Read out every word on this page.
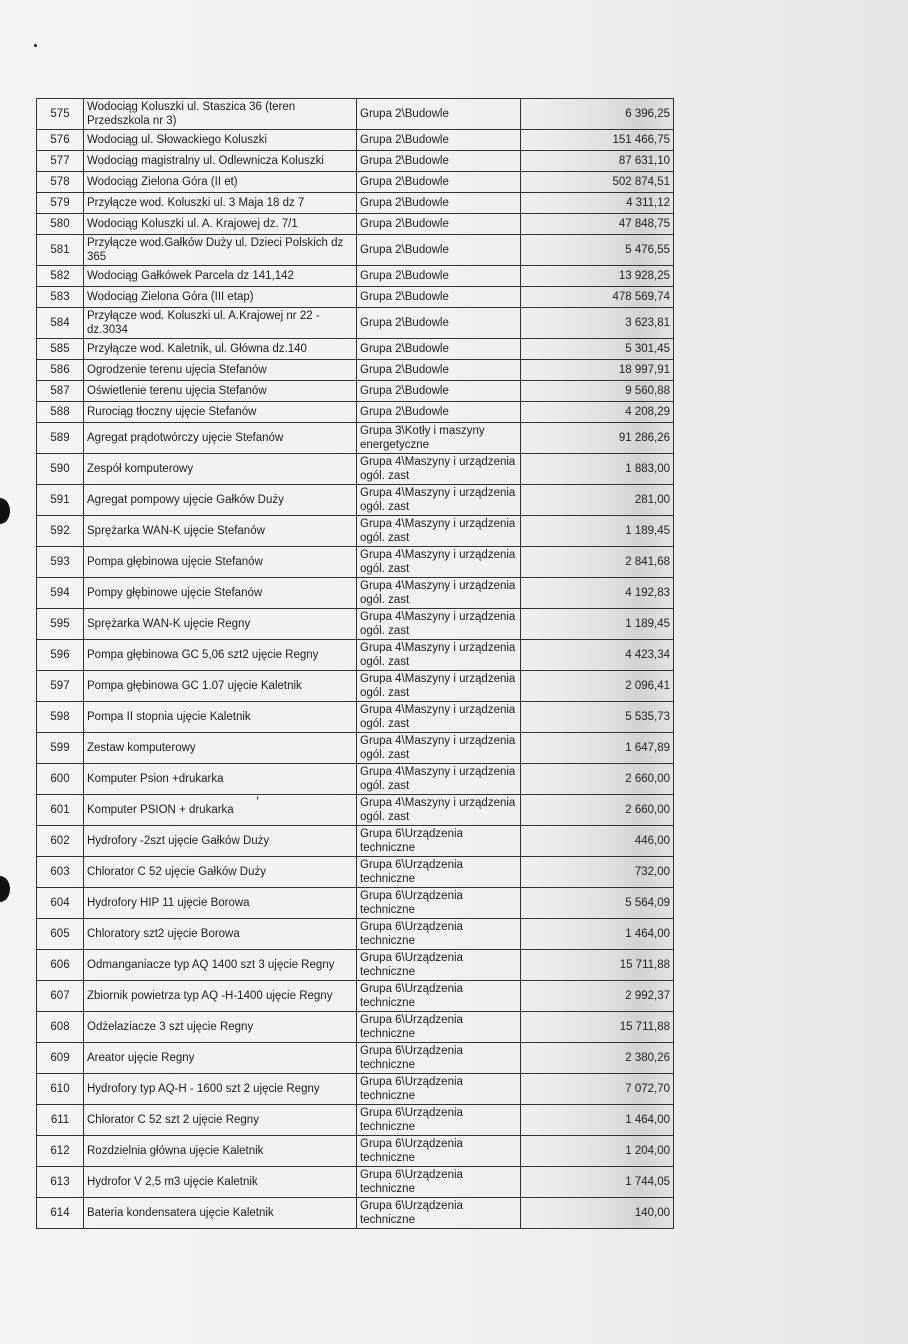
ʼ
575	Wodociąg Koluszki ul. Staszica 36 (teren Przedszkola nr 3)	Grupa 2\Budowle	6 396,25
576	Wodociąg ul. Słowackiego Koluszki	Grupa 2\Budowle	151 466,75
577	Wodociąg magistralny ul. Odlewnicza Koluszki	Grupa 2\Budowle	87 631,10
578	Wodociąg Zielona Góra (II et)	Grupa 2\Budowle	502 874,51
579	Przyłącze wod. Koluszki ul. 3 Maja 18 dz 7	Grupa 2\Budowle	4 311,12
580	Wodociąg Koluszki ul. A. Krajowej dz. 7/1	Grupa 2\Budowle	47 848,75
581	Przyłącze wod.Gałków Duży ul. Dzieci Polskich dz 365	Grupa 2\Budowle	5 476,55
582	Wodociąg Gałkówek Parcela dz 141,142	Grupa 2\Budowle	13 928,25
583	Wodociąg Zielona Góra (III etap)	Grupa 2\Budowle	478 569,74
584	Przyłącze wod. Koluszki ul. A.Krajowej nr 22 - dz.3034	Grupa 2\Budowle	3 623,81
585	Przyłącze wod. Kaletnik, ul. Główna dz.140	Grupa 2\Budowle	5 301,45
586	Ogrodzenie terenu ujęcia Stefanów	Grupa 2\Budowle	18 997,91
587	Oświetlenie terenu ujęcia Stefanów	Grupa 2\Budowle	9 560,88
588	Rurociąg tłoczny ujęcie Stefanów	Grupa 2\Budowle	4 208,29
589	Agregat prądotwórczy ujęcie Stefanów	Grupa 3\Kotły i maszyny energetyczne	91 286,26
590	Zespół komputerowy	Grupa 4\Maszyny i urządzenia ogól. zast	1 883,00
591	Agregat pompowy ujęcie Gałków Duży	Grupa 4\Maszyny i urządzenia ogól. zast	281,00
592	Sprężarka WAN-K ujęcie Stefanów	Grupa 4\Maszyny i urządzenia ogól. zast	1 189,45
593	Pompa głębinowa ujęcie Stefanów	Grupa 4\Maszyny i urządzenia ogól. zast	2 841,68
594	Pompy głębinowe ujęcie Stefanów	Grupa 4\Maszyny i urządzenia ogól. zast	4 192,83
595	Sprężarka WAN-K ujęcie Regny	Grupa 4\Maszyny i urządzenia ogól. zast	1 189,45
596	Pompa głębinowa GC 5,06 szt2 ujęcie Regny	Grupa 4\Maszyny i urządzenia ogól. zast	4 423,34
597	Pompa głębinowa GC 1.07 ujęcie Kaletnik	Grupa 4\Maszyny i urządzenia ogól. zast	2 096,41
598	Pompa II stopnia ujęcie Kaletnik	Grupa 4\Maszyny i urządzenia ogól. zast	5 535,73
599	Zestaw komputerowy	Grupa 4\Maszyny i urządzenia ogól. zast	1 647,89
600	Komputer Psion +drukarka	Grupa 4\Maszyny i urządzenia ogól. zast	2 660,00
601	Komputer PSION + drukarka	Grupa 4\Maszyny i urządzenia ogól. zast	2 660,00
602	Hydrofory -2szt ujęcie Gałków Duży	Grupa 6\Urządzenia techniczne	446,00
603	Chlorator C 52 ujęcie Gałków Duży	Grupa 6\Urządzenia techniczne	732,00
604	Hydrofory HIP 11 ujęcie Borowa	Grupa 6\Urządzenia techniczne	5 564,09
605	Chloratory szt2 ujęcie Borowa	Grupa 6\Urządzenia techniczne	1 464,00
606	Odmanganiacze typ AQ 1400 szt 3 ujęcie Regny	Grupa 6\Urządzenia techniczne	15 711,88
607	Zbiornik powietrza typ AQ -H-1400 ujęcie Regny	Grupa 6\Urządzenia techniczne	2 992,37
608	Odżelaziacze 3 szt ujęcie Regny	Grupa 6\Urządzenia techniczne	15 711,88
609	Areator ujęcie Regny	Grupa 6\Urządzenia techniczne	2 380,26
610	Hydrofory typ AQ-H - 1600 szt 2 ujęcie Regny	Grupa 6\Urządzenia techniczne	7 072,70
611	Chlorator C 52 szt 2 ujęcie Regny	Grupa 6\Urządzenia techniczne	1 464,00
612	Rozdzielnia główna ujęcie Kaletnik	Grupa 6\Urządzenia techniczne	1 204,00
613	Hydrofor V 2,5 m3 ujęcie Kaletnik	Grupa 6\Urządzenia techniczne	1 744,05
614	Bateria kondensatera ujęcie Kaletnik	Grupa 6\Urządzenia techniczne	140,00
